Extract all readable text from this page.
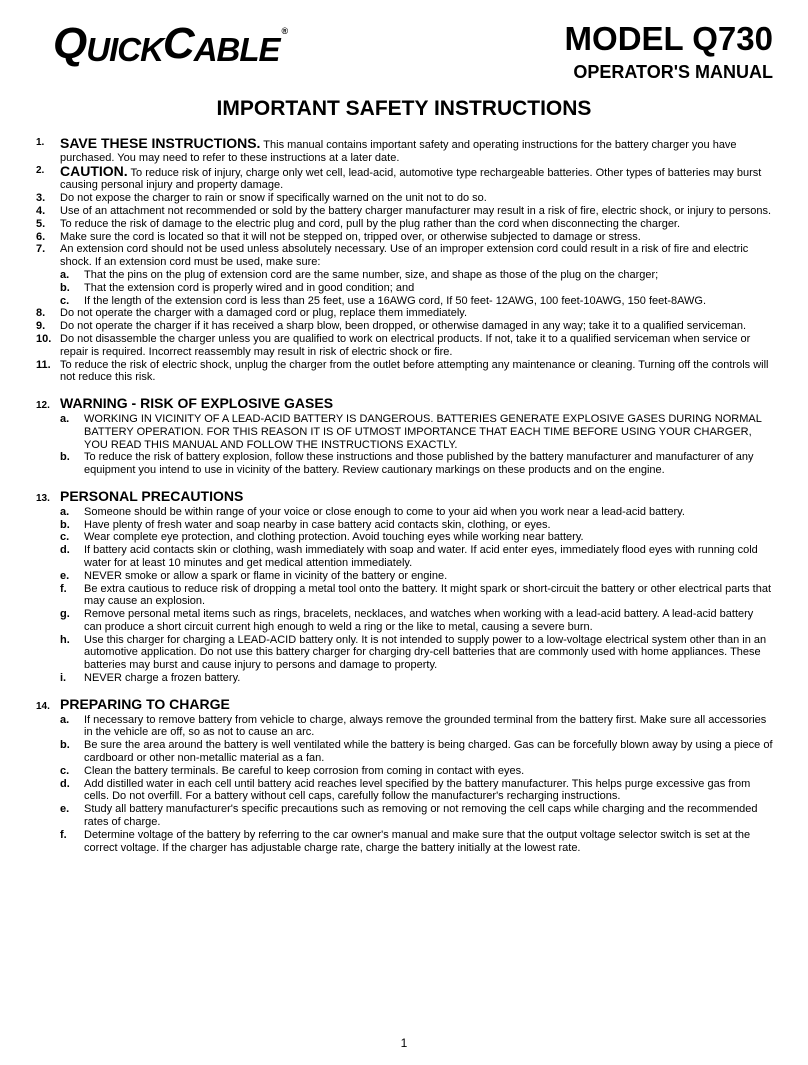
Q UICK C ABLE ®	MODEL Q730
OPERATOR'S MANUAL
IMPORTANT SAFETY INSTRUCTIONS
1.	SAVE THESE INSTRUCTIONS. This manual contains important safety and operating instructions for the battery charger you have purchased. You may need to refer to these instructions at a later date.
2.	CAUTION. To reduce risk of injury, charge only wet cell, lead-acid, automotive type rechargeable batteries. Other types of batteries may burst causing personal injury and property damage.
3.	Do not expose the charger to rain or snow if specifically warned on the unit not to do so.
4.	Use of an attachment not recommended or sold by the battery charger manufacturer may result in a risk of fire, electric shock, or injury to persons.
5.	To reduce the risk of damage to the electric plug and cord, pull by the plug rather than the cord when disconnecting the charger.
6.	Make sure the cord is located so that it will not be stepped on, tripped over, or otherwise subjected to damage or stress.
7.	An extension cord should not be used unless absolutely necessary. Use of an improper extension cord could result in a risk of fire and electric shock. If an extension cord must be used, make sure:
a.	That the pins on the plug of extension cord are the same number, size, and shape as those of the plug on the charger;
b.	That the extension cord is properly wired and in good condition; and
c.	If the length of the extension cord is less than 25 feet, use a 16AWG cord, If 50 feet- 12AWG, 100 feet-10AWG, 150 feet-8AWG.
8.	Do not operate the charger with a damaged cord or plug, replace them immediately.
9.	Do not operate the charger if it has received a sharp blow, been dropped, or otherwise damaged in any way; take it to a qualified serviceman.
10. Do not disassemble the charger unless you are qualified to work on electrical products. If not, take it to a qualified serviceman when service or repair is required. Incorrect reassembly may result in risk of electric shock or fire.
11. To reduce the risk of electric shock, unplug the charger from the outlet before attempting any maintenance or cleaning. Turning off the controls will not reduce this risk.
12. WARNING - RISK OF EXPLOSIVE GASES
a.	WORKING IN VICINITY OF A LEAD-ACID BATTERY IS DANGEROUS. BATTERIES GENERATE EXPLOSIVE GASES DURING NORMAL BATTERY OPERATION. FOR THIS REASON IT IS OF UTMOST IMPORTANCE THAT EACH TIME BEFORE USING YOUR CHARGER, YOU READ THIS MANUAL AND FOLLOW THE INSTRUCTIONS EXACTLY.
b.	To reduce the risk of battery explosion, follow these instructions and those published by the battery manufacturer and manufacturer of any equipment you intend to use in vicinity of the battery. Review cautionary markings on these products and on the engine.
13. PERSONAL PRECAUTIONS
a.	Someone should be within range of your voice or close enough to come to your aid when you work near a lead-acid battery.
b.	Have plenty of fresh water and soap nearby in case battery acid contacts skin, clothing, or eyes.
c.	Wear complete eye protection, and clothing protection. Avoid touching eyes while working near battery.
d.	If battery acid contacts skin or clothing, wash immediately with soap and water. If acid enter eyes, immediately flood eyes with running cold water for at least 10 minutes and get medical attention immediately.
e.	NEVER smoke or allow a spark or flame in vicinity of the battery or engine.
f.	Be extra cautious to reduce risk of dropping a metal tool onto the battery. It might spark or short-circuit the battery or other electrical parts that may cause an explosion.
g.	Remove personal metal items such as rings, bracelets, necklaces, and watches when working with a lead-acid battery. A lead-acid battery can produce a short circuit current high enough to weld a ring or the like to metal, causing a severe burn.
h.	Use this charger for charging a LEAD-ACID battery only. It is not intended to supply power to a low-voltage electrical system other than in an automotive application. Do not use this battery charger for charging dry-cell batteries that are commonly used with home appliances. These batteries may burst and cause injury to persons and damage to property.
i.	NEVER charge a frozen battery.
14. PREPARING TO CHARGE
a.	If necessary to remove battery from vehicle to charge, always remove the grounded terminal from the battery first. Make sure all accessories in the vehicle are off, so as not to cause an arc.
b.	Be sure the area around the battery is well ventilated while the battery is being charged. Gas can be forcefully blown away by using a piece of cardboard or other non-metallic material as a fan.
c.	Clean the battery terminals. Be careful to keep corrosion from coming in contact with eyes.
d.	Add distilled water in each cell until battery acid reaches level specified by the battery manufacturer. This helps purge excessive gas from cells. Do not overfill. For a battery without cell caps, carefully follow the manufacturer's recharging instructions.
e.	Study all battery manufacturer's specific precautions such as removing or not removing the cell caps while charging and the recommended rates of charge.
f.	Determine voltage of the battery by referring to the car owner's manual and make sure that the output voltage selector switch is set at the correct voltage. If the charger has adjustable charge rate, charge the battery initially at the lowest rate.
1
